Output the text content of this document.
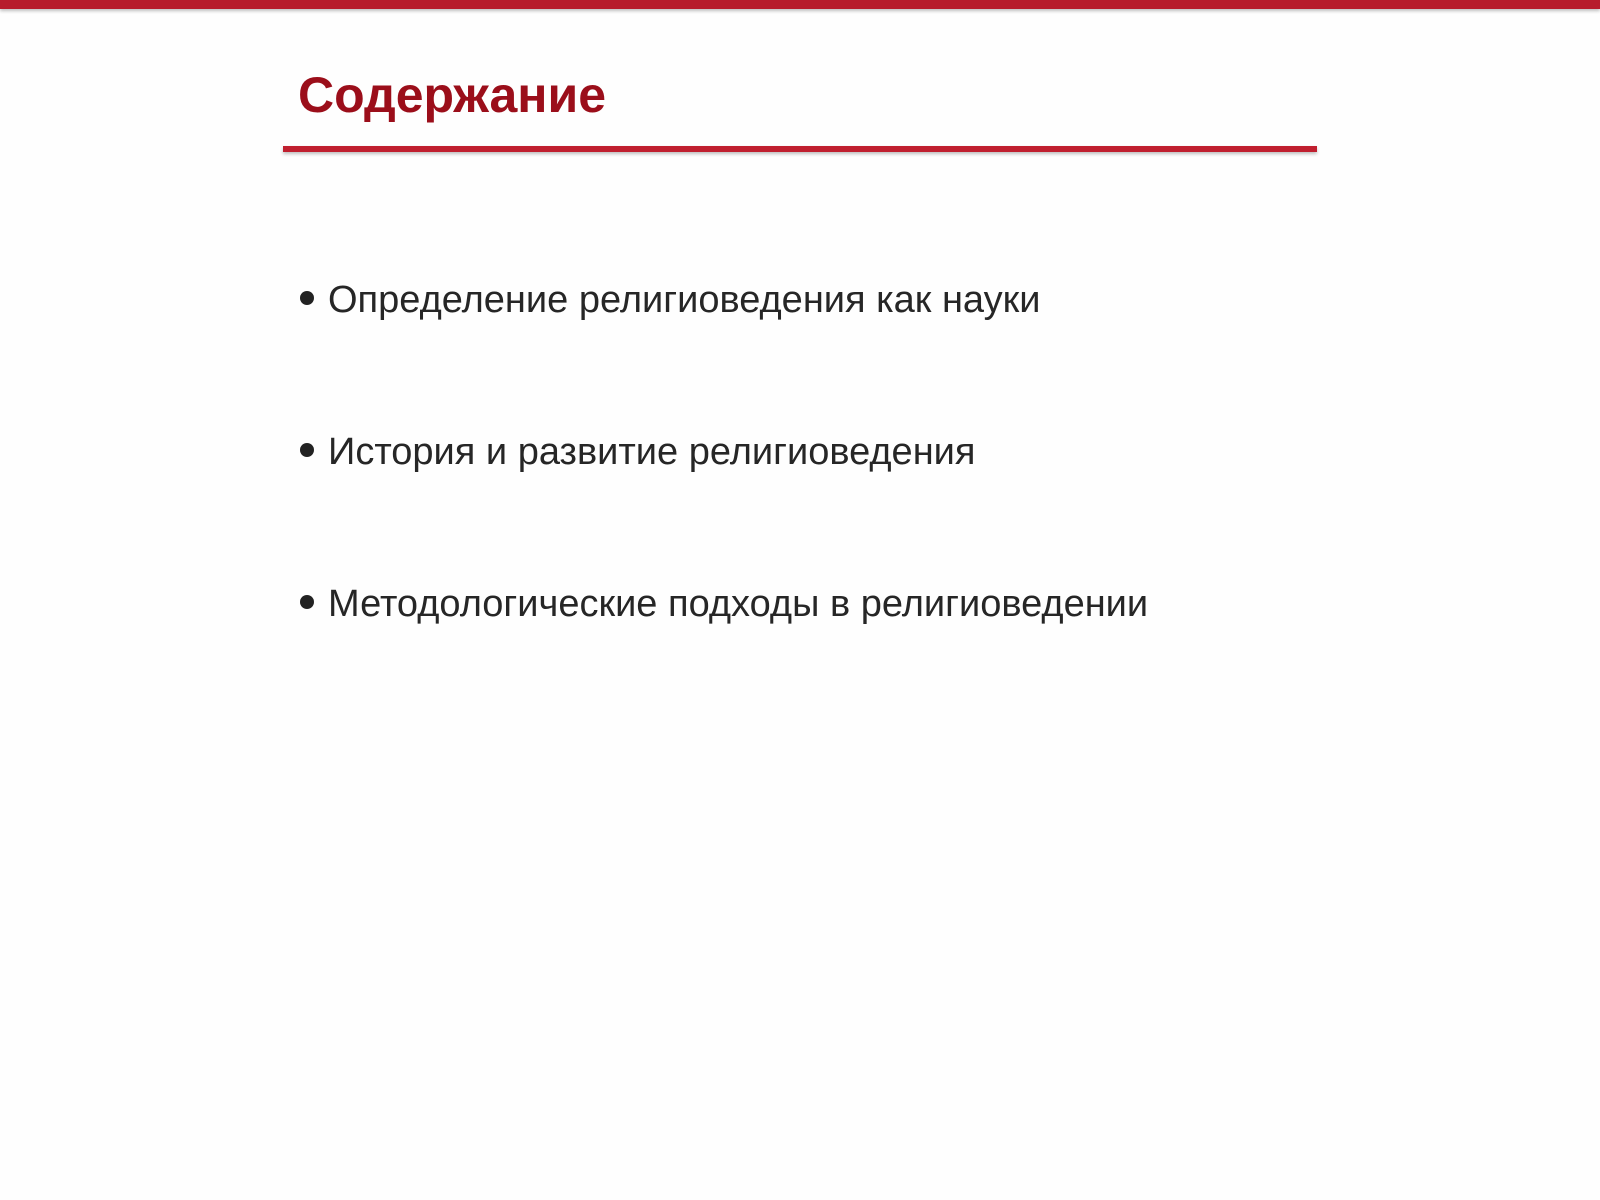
Содержание
Определение религиоведения как науки
История и развитие религиоведения
Методологические подходы в религиоведении
